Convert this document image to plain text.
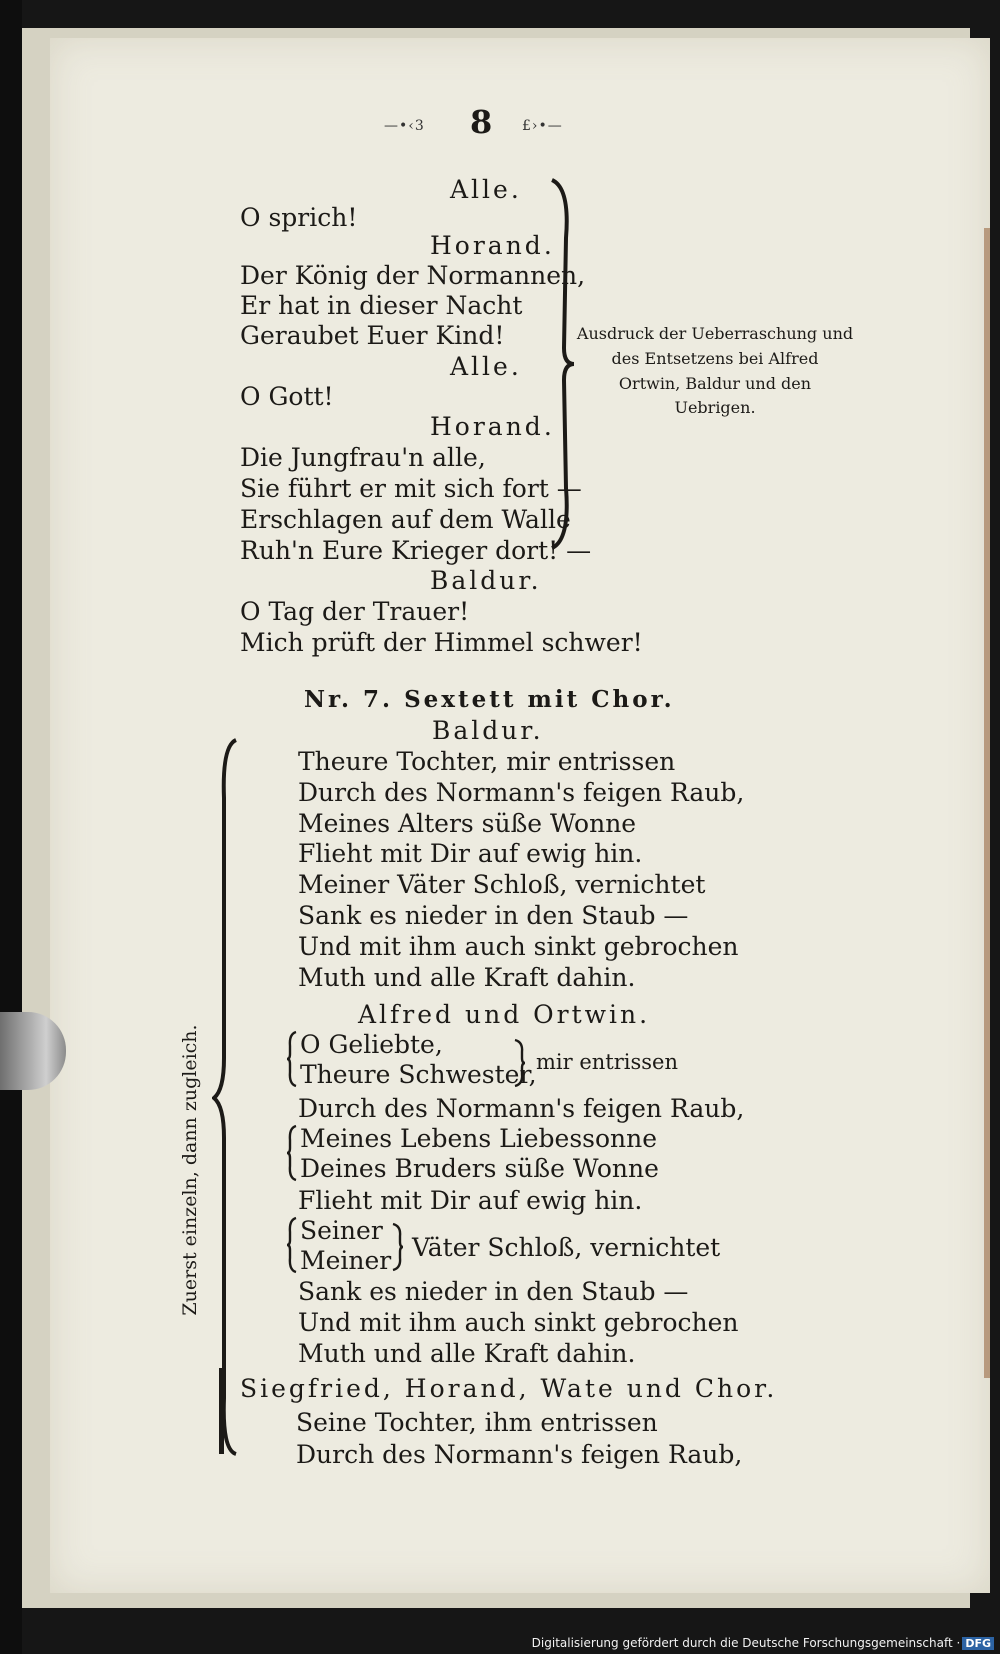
—•‹3 8 £›•—
Alle.
O sprich!
Horand.
Der König der Normannen,
Er hat in dieser Nacht
Geraubet Euer Kind!
Alle.
O Gott!
Horand.
Die Jungfrau'n alle,
Sie führt er mit sich fort —
Erschlagen auf dem Walle
Ruh'n Eure Krieger dort! —
Baldur.
O Tag der Trauer!
Mich prüft der Himmel schwer!
Ausdruck der Ueberraschung und
des Entsetzens bei Alfred
Ortwin, Baldur und den
Uebrigen.
Nr. 7. Sextett mit Chor.
Baldur.
Theure Tochter, mir entrissen
Durch des Normann's feigen Raub,
Meines Alters süße Wonne
Flieht mit Dir auf ewig hin.
Meiner Väter Schloß, vernichtet
Sank es nieder in den Staub —
Und mit ihm auch sinkt gebrochen
Muth und alle Kraft dahin.
Alfred und Ortwin.
O Geliebte,
Theure Schwester, mir entrissen
Durch des Normann's feigen Raub,
Meines Lebens Liebessonne
Deines Bruders süße Wonne
Flieht mit Dir auf ewig hin.
Seiner
Meiner Väter Schloß, vernichtet
Sank es nieder in den Staub —
Und mit ihm auch sinkt gebrochen
Muth und alle Kraft dahin.
Zuerst einzeln, dann zugleich.
Siegfried, Horand, Wate und Chor.
Seine Tochter, ihm entrissen
Durch des Normann's feigen Raub,
Digitalisierung gefördert durch die Deutsche Forschungsgemeinschaft · DFG
